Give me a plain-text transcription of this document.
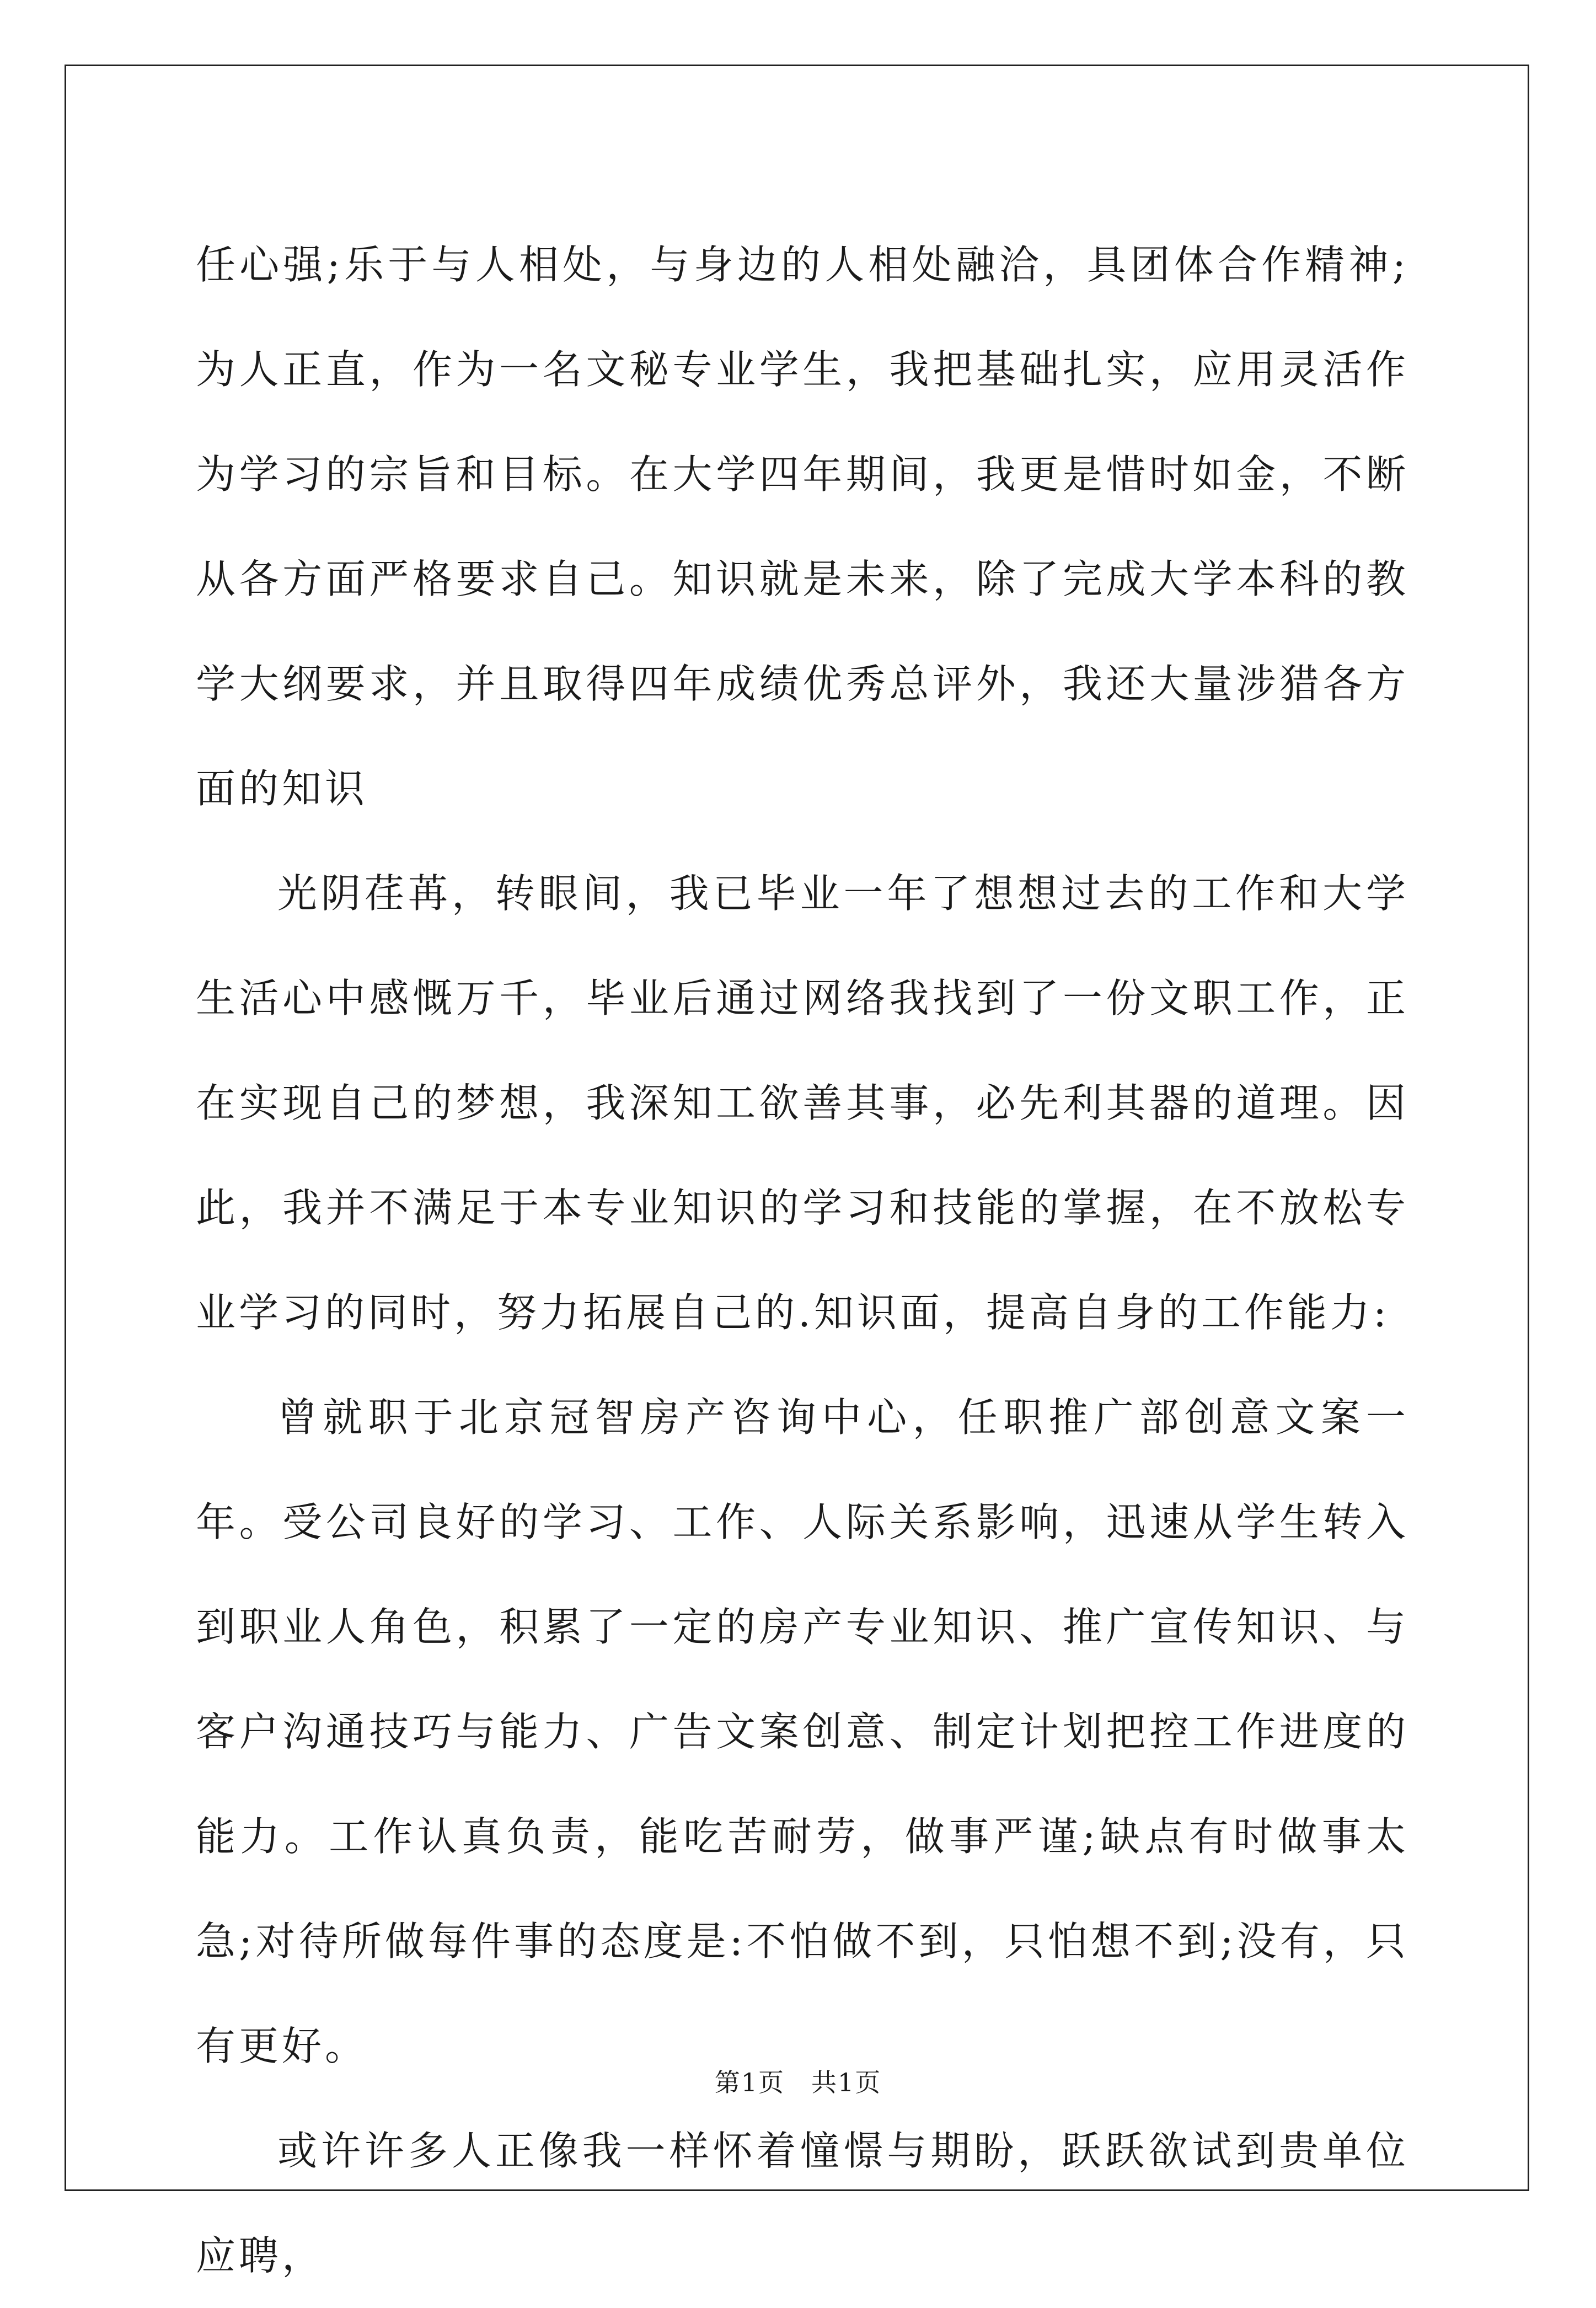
任心强;乐于与人相处，与身边的人相处融洽，具团体合作精神;为人正直，作为一名文秘专业学生，我把基础扎实，应用灵活作为学习的宗旨和目标。在大学四年期间，我更是惜时如金，不断从各方面严格要求自己。知识就是未来，除了完成大学本科的教学大纲要求，并且取得四年成绩优秀总评外，我还大量涉猎各方面的知识

光阴荏苒，转眼间，我已毕业一年了想想过去的工作和大学生活心中感慨万千，毕业后通过网络我找到了一份文职工作，正在实现自己的梦想，我深知工欲善其事，必先利其器的道理。因此，我并不满足于本专业知识的学习和技能的掌握，在不放松专业学习的同时，努力拓展自己的.知识面，提高自身的工作能力:

曾就职于北京冠智房产咨询中心，任职推广部创意文案一年。受公司良好的学习、工作、人际关系影响，迅速从学生转入到职业人角色，积累了一定的房产专业知识、推广宣传知识、与客户沟通技巧与能力、广告文案创意、制定计划把控工作进度的能力。工作认真负责，能吃苦耐劳，做事严谨;缺点有时做事太急;对待所做每件事的态度是:不怕做不到，只怕想不到;没有，只有更好。

或许许多人正像我一样怀着憧憬与期盼，跃跃欲试到贵单位应聘，

第1页 共1页
